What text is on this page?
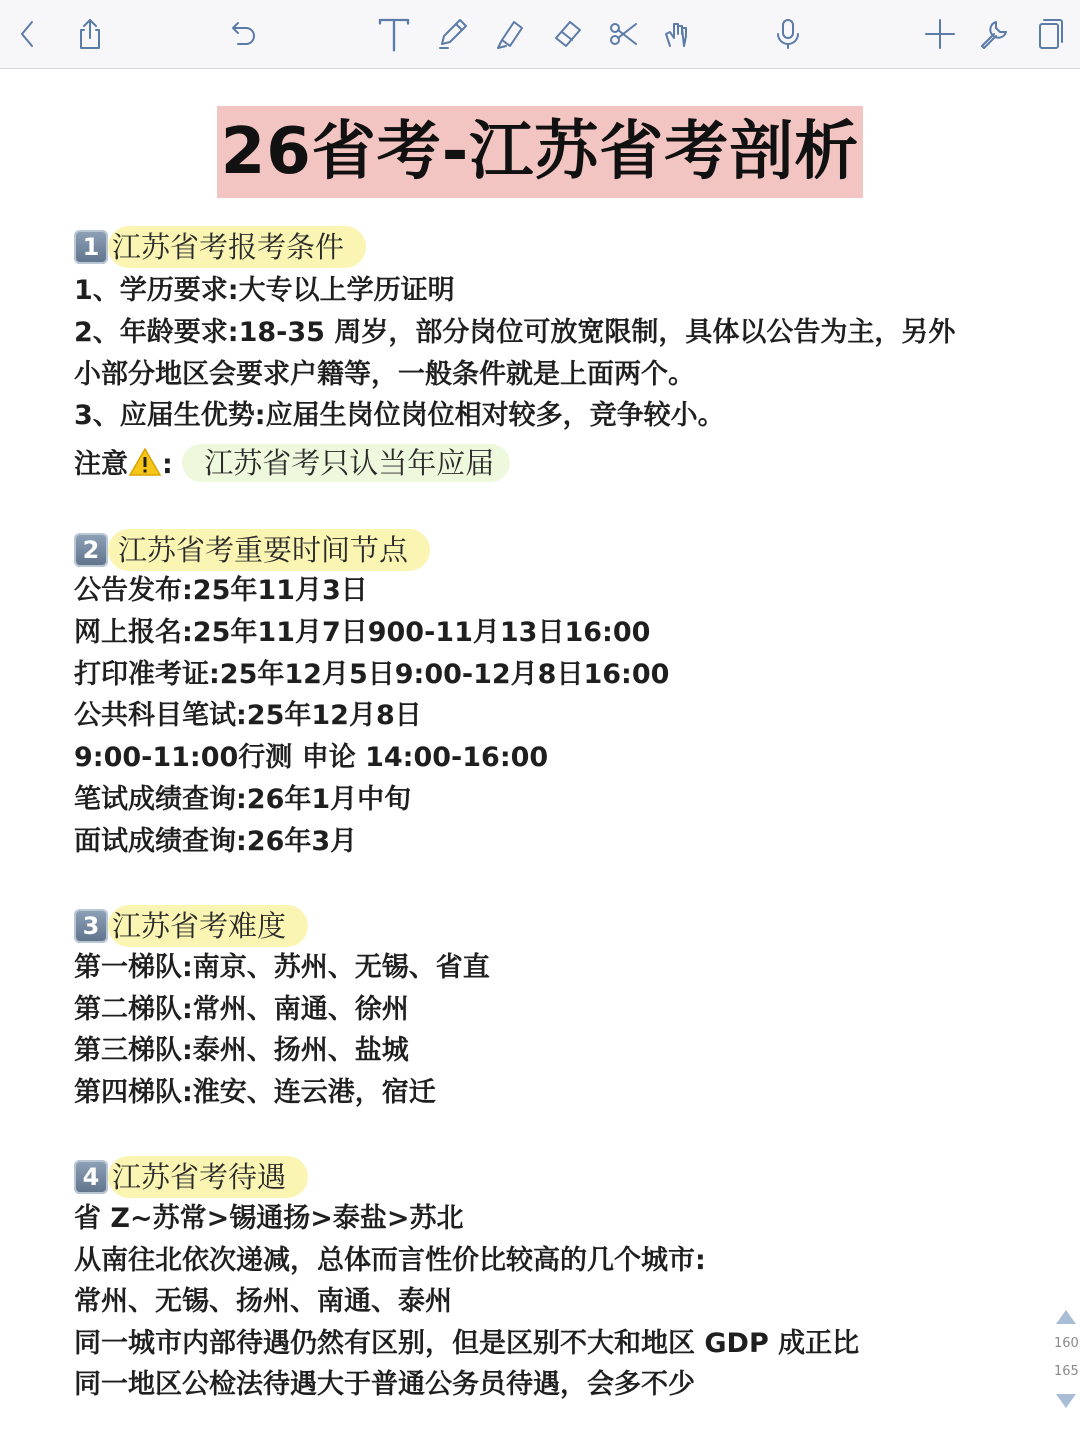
26省考-江苏省考剖析
1 江苏省考报考条件
1、学历要求:大专以上学历证明
2、年龄要求:18-35 周岁，部分岗位可放宽限制，具体以公告为主，另外
小部分地区会要求户籍等，一般条件就是上面两个。
3、应届生优势:应届生岗位岗位相对较多，竞争较小。
注意 : 江苏省考只认当年应届
2 江苏省考重要时间节点
公告发布:25年11月3日
网上报名:25年11月7日900-11月13日16:00
打印准考证:25年12月5日9:00-12月8日16:00
公共科目笔试:25年12月8日
9:00-11:00行测 申论 14:00-16:00
笔试成绩查询:26年1月中旬
面试成绩查询:26年3月
3 江苏省考难度
第一梯队:南京、苏州、无锡、省直
第二梯队:常州、南通、徐州
第三梯队:泰州、扬州、盐城
第四梯队:淮安、连云港，宿迁
4 江苏省考待遇
省 Z~苏常>锡通扬>泰盐>苏北
从南往北依次递减，总体而言性价比较高的几个城市:
常州、无锡、扬州、南通、泰州
同一城市内部待遇仍然有区别，但是区别不大和地区 GDP 成正比
同一地区公检法待遇大于普通公务员待遇，会多不少
160
165
